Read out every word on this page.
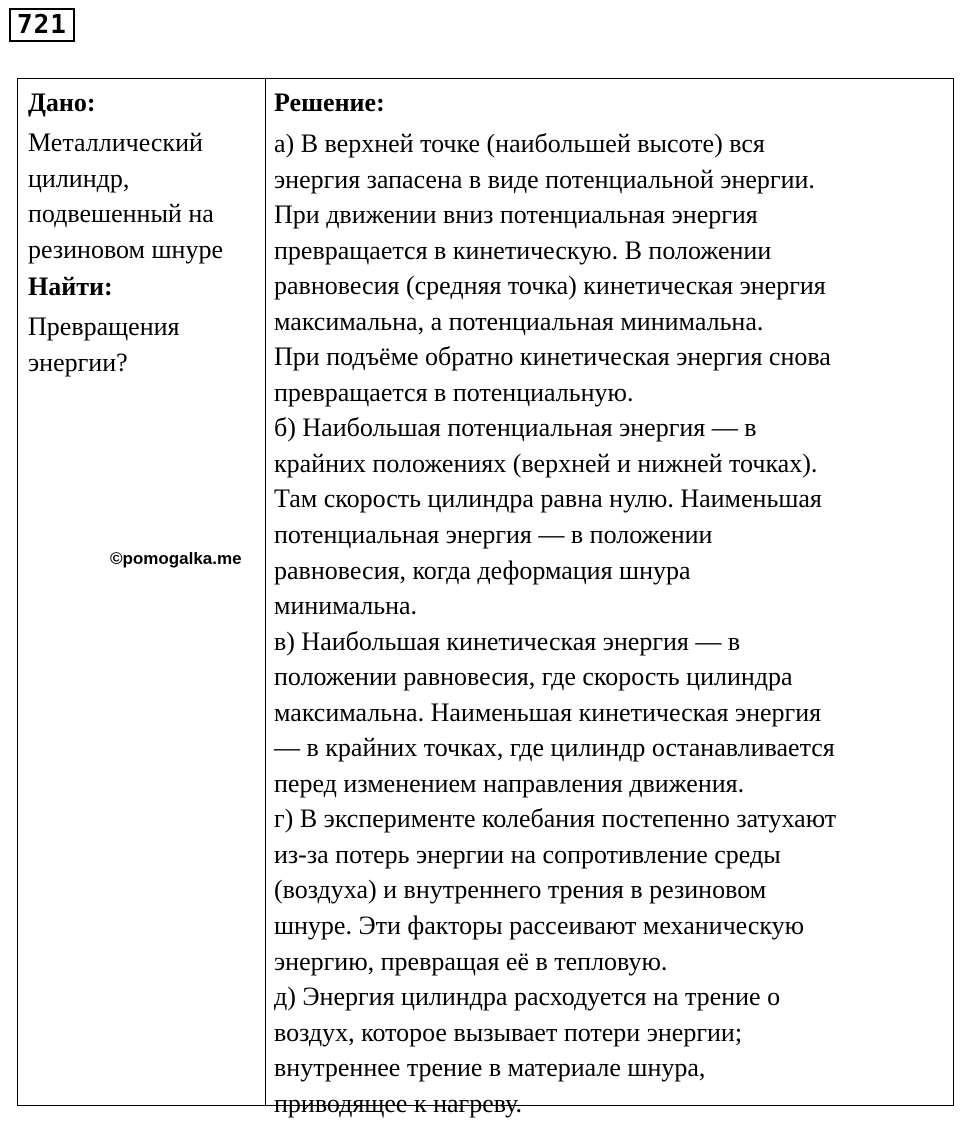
721
Дано:
Металлический цилиндр, подвешенный на резиновом шнуре
Найти:
Превращения энергии?
Решение:
а) В верхней точке (наибольшей высоте) вся
энергия запасена в виде потенциальной энергии.
При движении вниз потенциальная энергия
превращается в кинетическую. В положении
равновесия (средняя точка) кинетическая энергия
максимальна, а потенциальная минимальна.
При подъёме обратно кинетическая энергия снова
превращается в потенциальную.
б) Наибольшая потенциальная энергия — в
крайних положениях (верхней и нижней точках).
Там скорость цилиндра равна нулю. Наименьшая
потенциальная энергия — в положении
равновесия, когда деформация шнура
минимальна.
в) Наибольшая кинетическая энергия — в
положении равновесия, где скорость цилиндра
максимальна. Наименьшая кинетическая энергия
— в крайних точках, где цилиндр останавливается
перед изменением направления движения.
г) В эксперименте колебания постепенно затухают
из-за потерь энергии на сопротивление среды
(воздуха) и внутреннего трения в резиновом
шнуре. Эти факторы рассеивают механическую
энергию, превращая её в тепловую.
д) Энергия цилиндра расходуется на трение о
воздух, которое вызывает потери энергии;
внутреннее трение в материале шнура,
приводящее к нагреву.
©pomogalka.me
